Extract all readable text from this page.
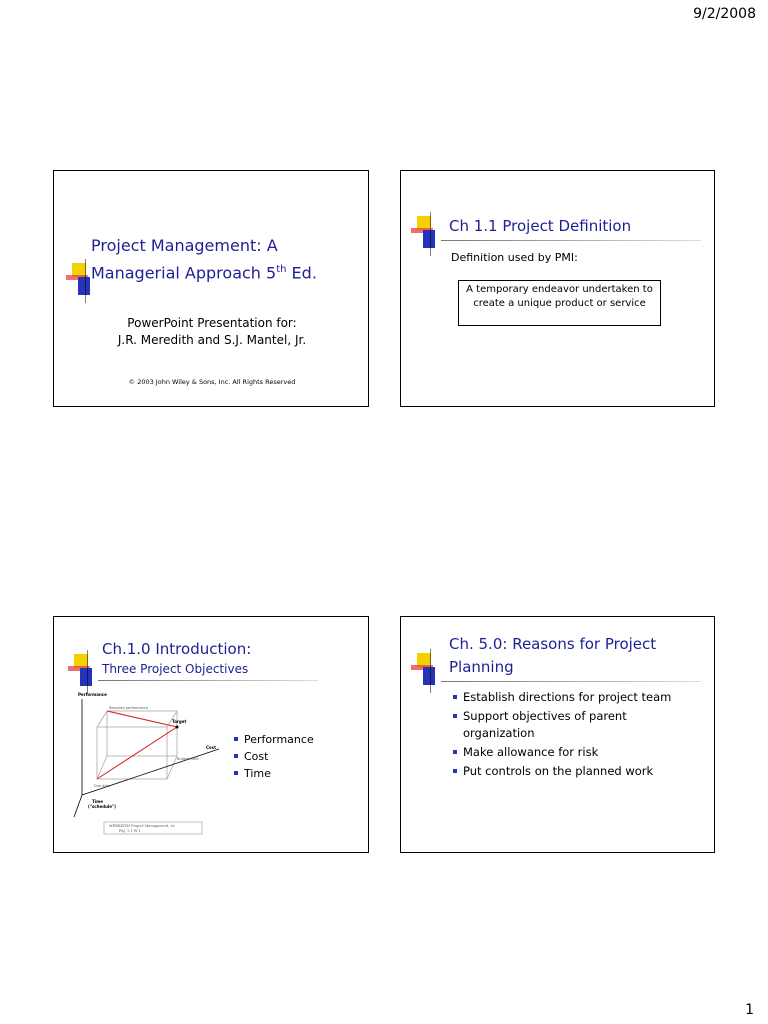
9/2/2008
Project Management: A
Managerial Approach 5th Ed.
PowerPoint Presentation for:
J.R. Meredith and S.J. Mantel, Jr.
© 2003 John Wiley & Sons, Inc. All Rights Reserved
Ch 1.1 Project Definition
Definition used by PMI:
A temporary endeavor undertaken to
create a unique product or service
Ch.1.0 Introduction:
Three Project Objectives
Performance
Required performance
Target
Cost
Budget limit
Due date
Time
("schedule")
MEREDITH Project Management, 5e
Fig. 1.1 W-1
Performance
Cost
Time
Ch. 5.0: Reasons for Project
Planning
Establish directions for project team
Support objectives of parent
organization
Make allowance for risk
Put controls on the planned work
1
